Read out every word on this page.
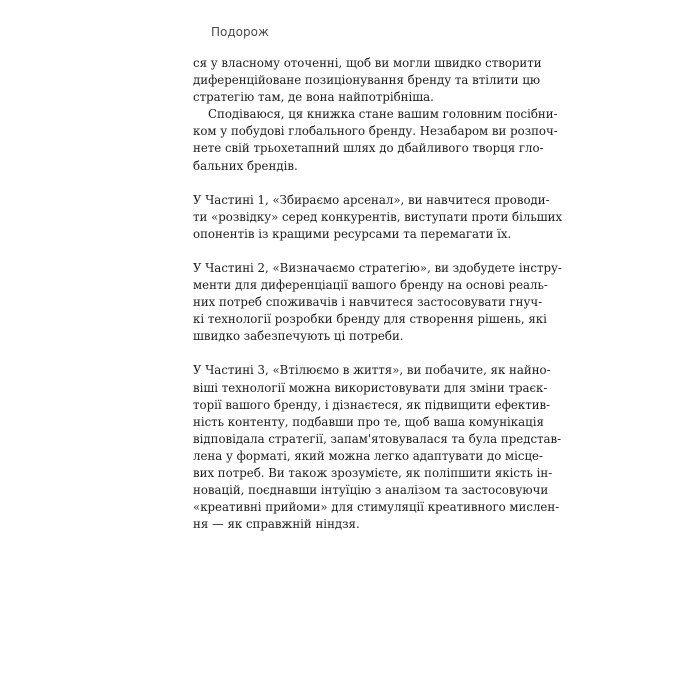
Подорож
ся у власному оточенні, щоб ви могли швидко створити
диференційоване позиціонування бренду та втілити цю
стратегію там, де вона найпотрібніша.
Сподіваюся, ця книжка стане вашим головним посібни-
ком у побудові глобального бренду. Незабаром ви розпоч-
нете свій трьохетапний шлях до дбайливого творця гло-
бальних брендів.
У Частині 1, «Збираємо арсенал», ви навчитеся проводи-
ти «розвідку» серед конкурентів, виступати проти більших
опонентів із кращими ресурсами та перемагати їх.
У Частині 2, «Визначаємо стратегію», ви здобудете інстру-
менти для диференціації вашого бренду на основі реаль-
них потреб споживачів і навчитеся застосовувати гнуч-
кі технології розробки бренду для створення рішень, які
швидко забезпечують ці потреби.
У Частині 3, «Втілюємо в життя», ви побачите, як найно-
віші технології можна використовувати для зміни траєк-
торії вашого бренду, і дізнаєтеся, як підвищити ефектив-
ність контенту, подбавши про те, щоб ваша комунікація
відповідала стратегії, запам'ятовувалася та була представ-
лена у форматі, який можна легко адаптувати до місце-
вих потреб. Ви також зрозумієте, як поліпшити якість ін-
новацій, поєднавши інтуїцію з аналізом та застосовуючи
«креативні прийоми» для стимуляції креативного мислен-
ня — як справжній ніндзя.
